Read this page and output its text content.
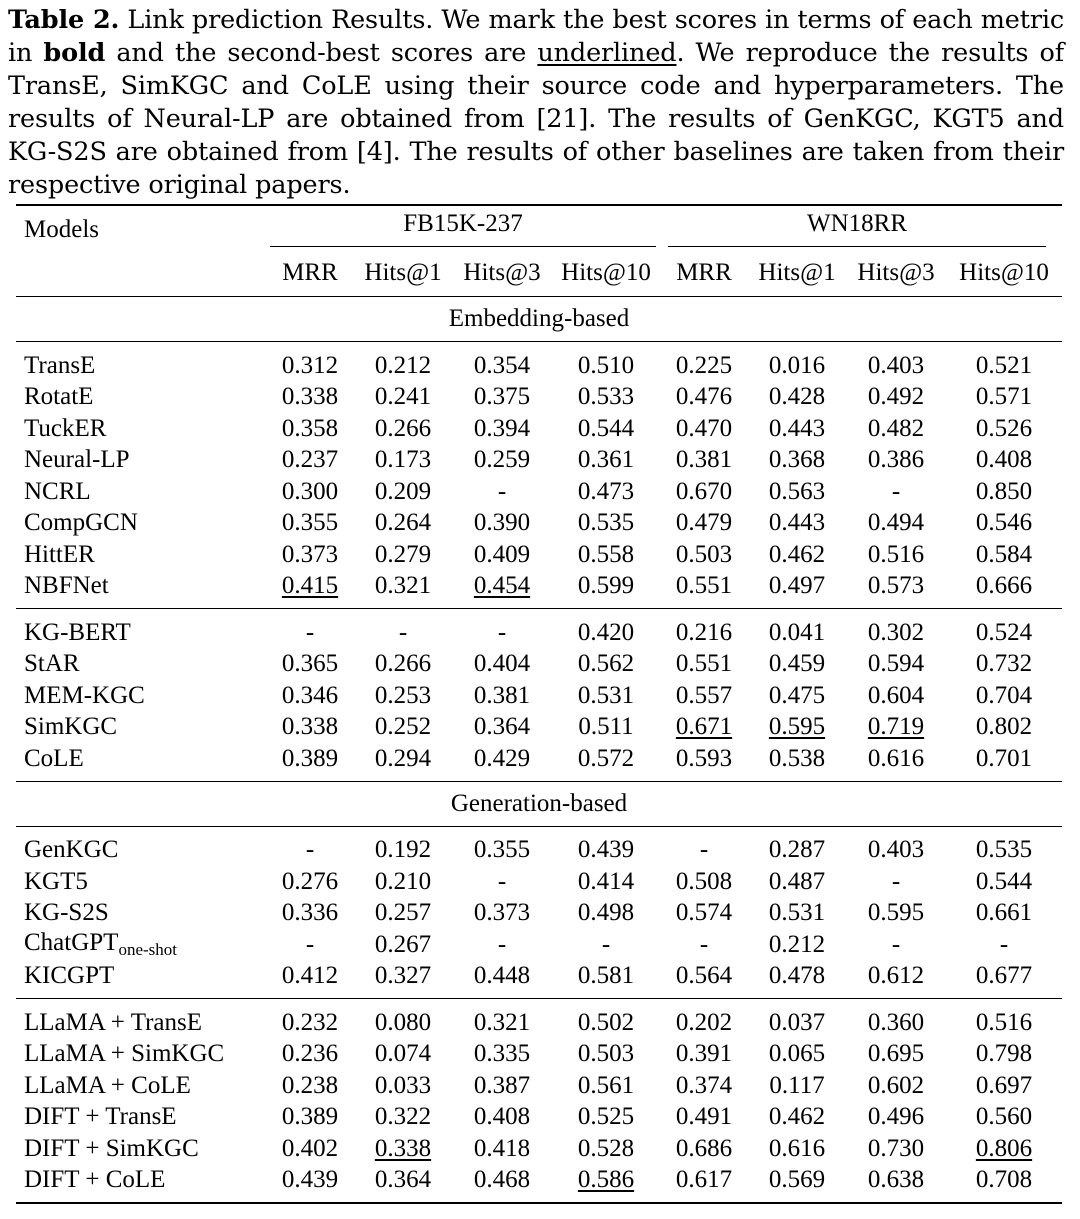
Table 2. Link prediction Results. We mark the best scores in terms of each metric in bold and the second-best scores are underlined. We reproduce the results of TransE, SimKGC and CoLE using their source code and hyperparameters. The results of Neural-LP are obtained from [21]. The results of GenKGC, KGT5 and KG-S2S are obtained from [4]. The results of other baselines are taken from their respective original papers.
Models	FB15K-237				WN18RR			

	MRR	Hits@1	Hits@3	Hits@10	MRR	Hits@1	Hits@3	Hits@10
Embedding-based								
TransE	0.312	0.212	0.354	0.510	0.225	0.016	0.403	0.521
RotatE	0.338	0.241	0.375	0.533	0.476	0.428	0.492	0.571
TuckER	0.358	0.266	0.394	0.544	0.470	0.443	0.482	0.526
Neural-LP	0.237	0.173	0.259	0.361	0.381	0.368	0.386	0.408
NCRL	0.300	0.209	-	0.473	0.670	0.563	-	0.850
CompGCN	0.355	0.264	0.390	0.535	0.479	0.443	0.494	0.546
HittER	0.373	0.279	0.409	0.558	0.503	0.462	0.516	0.584
NBFNet	0.415	0.321	0.454	0.599	0.551	0.497	0.573	0.666
KG-BERT	-	-	-	0.420	0.216	0.041	0.302	0.524
StAR	0.365	0.266	0.404	0.562	0.551	0.459	0.594	0.732
MEM-KGC	0.346	0.253	0.381	0.531	0.557	0.475	0.604	0.704
SimKGC	0.338	0.252	0.364	0.511	0.671	0.595	0.719	0.802
CoLE	0.389	0.294	0.429	0.572	0.593	0.538	0.616	0.701
Generation-based								
GenKGC	-	0.192	0.355	0.439	-	0.287	0.403	0.535
KGT5	0.276	0.210	-	0.414	0.508	0.487	-	0.544
KG-S2S	0.336	0.257	0.373	0.498	0.574	0.531	0.595	0.661
ChatGPT$_{one-shot}$	-	0.267	-	-	-	0.212	-	-
KICGPT	0.412	0.327	0.448	0.581	0.564	0.478	0.612	0.677
LLaMA + TransE	0.232	0.080	0.321	0.502	0.202	0.037	0.360	0.516
LLaMA + SimKGC	0.236	0.074	0.335	0.503	0.391	0.065	0.695	0.798
LLaMA + CoLE	0.238	0.033	0.387	0.561	0.374	0.117	0.602	0.697
DIFT + TransE	0.389	0.322	0.408	0.525	0.491	0.462	0.496	0.560
DIFT + SimKGC	0.402	0.338	0.418	0.528	0.686	0.616	0.730	0.806
DIFT + CoLE	0.439	0.364	0.468	0.586	0.617	0.569	0.638	0.708
